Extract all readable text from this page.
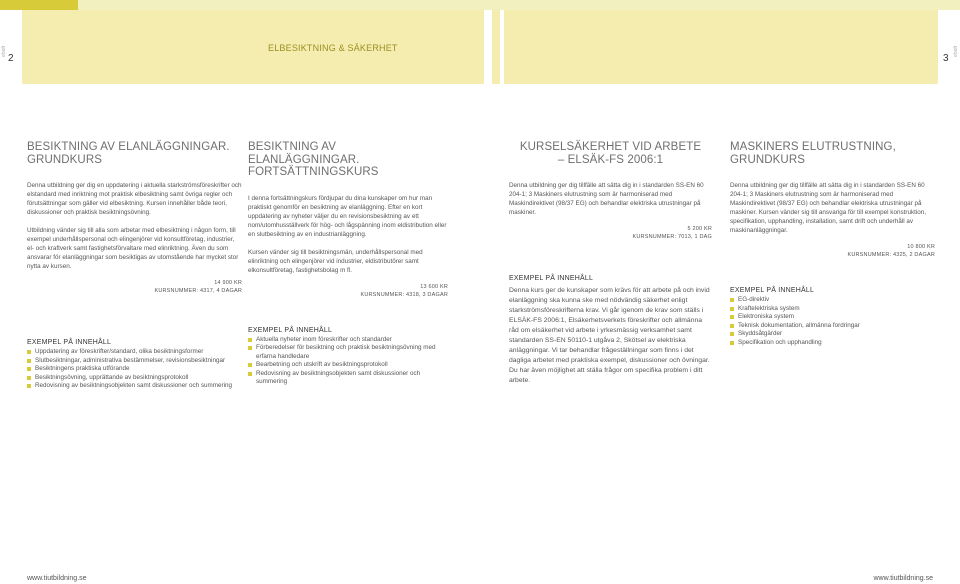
ebolt	ebolt
2	3
ELBESIKTNING & SÄKERHET
BESIKTNING AV ELANLÄGGNINGAR.
GRUNDKURS

Denna utbildning ger dig en uppdatering i aktuella starkströmsföreskrifter och elstandard med inriktning mot praktisk elbesiktning samt övriga regler och förutsättningar som gäller vid elbesiktning. Kursen innehåller både teori, diskussioner och praktisk besiktningsövning.

Utbildning vänder sig till alla som arbetar med elbesiktning i någon form, till exempel underhållspersonal och elingenjörer vid konsultföretag, industrier, el- och kraftverk samt fastighetsförvaltare med elinriktning. Även du som ansvarar för elanläggningar som besiktigas av utomstående har mycket stor nytta av kursen.

14 900 KR
KURSNUMMER: 4317, 4 DAGAR
EXEMPEL PÅ INNEHÅLL
Uppdatering av föreskrifter/standard, olika besiktningsformer
Slutbesiktningar, administrativa bestämmelser, revisionsbesiktningar
Besiktningens praktiska utförande
Besiktningsövning, upprättande av besiktningsprotokoll
Redovisning av besiktningsobjekten samt diskussioner och summering
BESIKTNING AV ELANLÄGGNINGAR.
FORTSÄTTNINGSKURS

I denna fortsättningskurs fördjupar du dina kunskaper om hur man praktiskt genomför en besiktning av elanläggning. Efter en kort uppdatering av nyheter väljer du en revisionsbesiktning av ett nom/utomhusställverk för hög- och lågspänning inom eldistribution eller en slutbesiktning av en industrianläggning.

Kursen vänder sig till besiktningsmän, underhållspersonal med elinriktning och elingenjörer vid industrier, eldistributörer samt elkonsultföretag, fastighetsbolag m fl.

13 600 KR
KURSNUMMER: 4318, 3 DAGAR
EXEMPEL PÅ INNEHÅLL
Aktuella nyheter inom föreskrifter och standarder
Förberedelser för besiktning och praktisk besiktningsövning med erfarna handledare
Bearbetning och utskrift av besiktningsprotokoll
Redovisning av besiktningsobjekten samt diskussioner och summering
KURSELSÄKERHET VID ARBETE
– ELSÄK-FS 2006:1

Denna utbildning ger dig tillfälle att sätta dig in i standarden SS-EN 60 204-1; 3 Maskiners elutrustning som är harmoniserad med Maskindirektivet (98/37 EG) och behandlar elektriska utrustningar på maskiner.

5 200 KR
KURSNUMMER: 7013, 1 DAG
EXEMPEL PÅ INNEHÅLL

Denna kurs ger de kunskaper som krävs för att arbete på och invid elanläggning ska kunna ske med nödvändig säkerhet enligt starkströmsföreskrifterna krav. Vi går igenom de krav som ställs i ELSÄK-FS 2006:1, Elsäkerhetsverkets föreskrifter och allmänna råd om elsäkerhet vid arbete i yrkesmässig verksamhet samt standarden SS-EN 50110-1 utgåva 2, Skötsel av elektriska anläggningar. Vi tar behandlar frågeställningar som finns i det dagliga arbetet med praktiska exempel, diskussioner och övningar. Du har även möjlighet att ställa frågor om specifika problem i ditt arbete.

MASKINERS ELUTRUSTNING,
GRUNDKURS

Denna utbildning ger dig tillfälle att sätta dig in i standarden SS-EN 60 204-1; 3 Maskiners elutrustning som är harmoniserad med Maskindirektivet (98/37 EG) och behandlar elektriska utrustningar på maskiner. Kursen vänder sig till ansvariga för till exempel konstruktion, specifikation, upphandling, installation, samt drift och underhåll av maskinanläggningar.

10 800 KR
KURSNUMMER: 4325, 2 DAGAR
EXEMPEL PÅ INNEHÅLL
EG-direktiv
Kraftelektriska system
Elektroniska system
Teknisk dokumentation, allmänna fordringar
Skyddsåtgärder
Specifikation och upphandling
www.tiutbildning.se	www.tiutbildning.se
